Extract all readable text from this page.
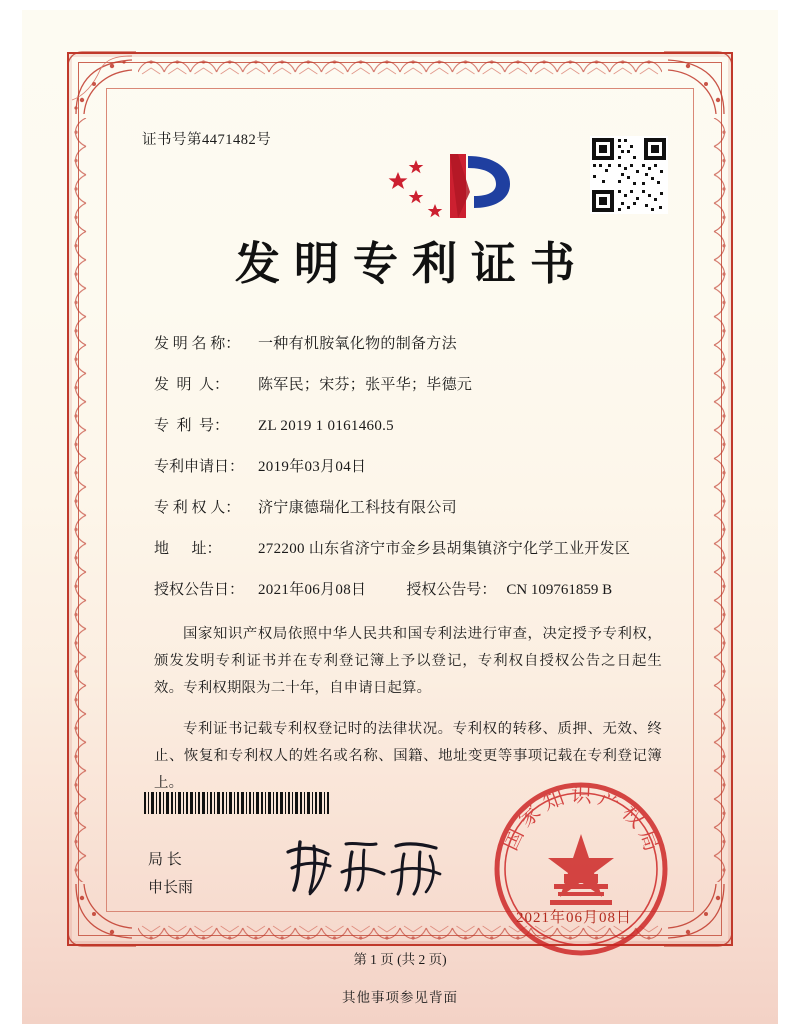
证书号第4471482号
发明专利证书
发 明 名 称：	一种有机胺氧化物的制备方法
发  明  人：	陈军民；宋芬；张平华；毕德元
专  利  号：	ZL 2019 1 0161460.5
专利申请日： 2019年03月04日
专 利 权 人：	济宁康德瑞化工科技有限公司
地      址：	272200 山东省济宁市金乡县胡集镇济宁化学工业开发区
授权公告日： 2021年06月08日	授权公告号： CN 109761859 B

国家知识产权局依照中华人民共和国专利法进行审查，决定授予专利权，颁发发明专利证书并在专利登记簿上予以登记，专利权自授权公告之日起生效。专利权期限为二十年，自申请日起算。

专利证书记载专利权登记时的法律状况。专利权的转移、质押、无效、终止、恢复和专利权人的姓名或名称、国籍、地址变更等事项记载在专利登记簿上。

局 长
申长雨
国家知识产权局
2021年06月08日
第 1 页 (共 2 页)
其他事项参见背面
